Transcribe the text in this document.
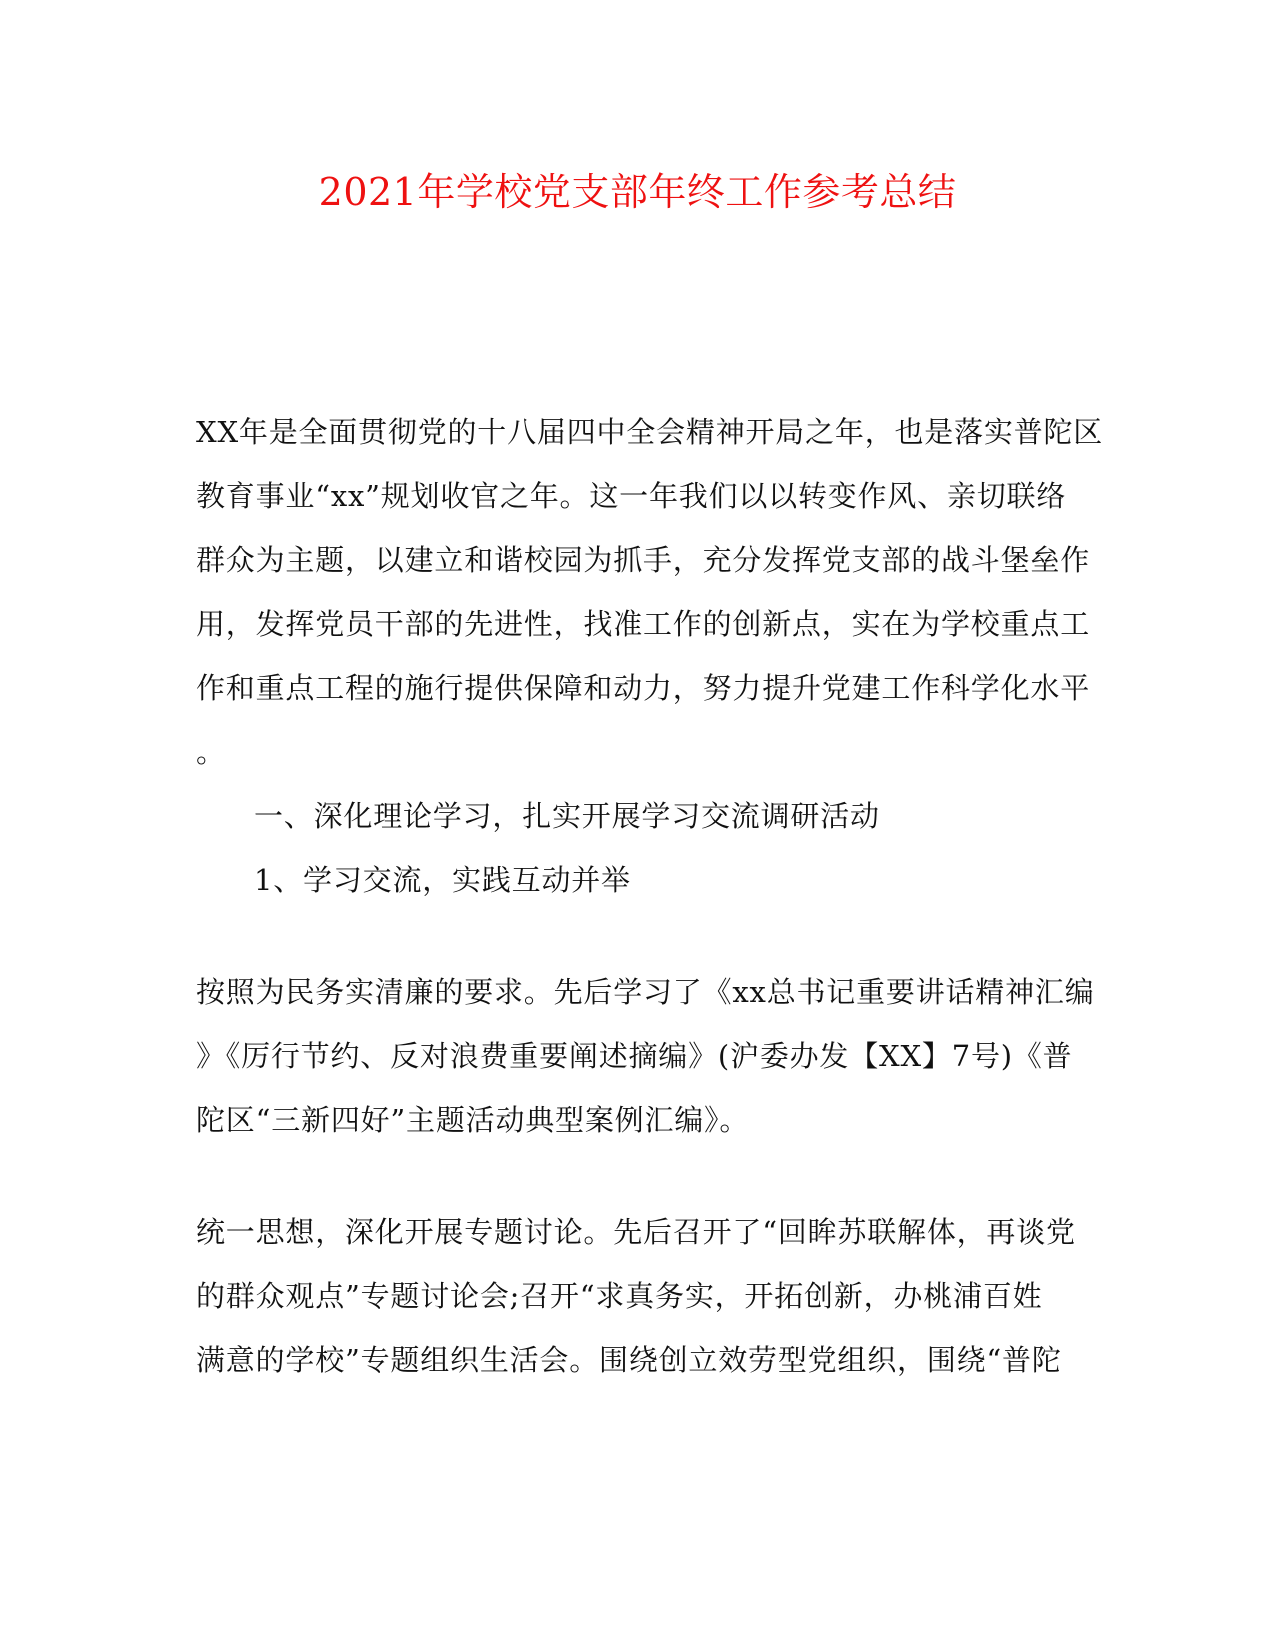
2021年学校党支部年终工作参考总结
XX年是全面贯彻党的十八届四中全会精神开局之年，也是落实普陀区
教育事业“xx”规划收官之年。这一年我们以以转变作风、亲切联络
群众为主题，以建立和谐校园为抓手，充分发挥党支部的战斗堡垒作
用，发挥党员干部的先进性，找准工作的创新点，实在为学校重点工
作和重点工程的施行提供保障和动力，努力提升党建工作科学化水平
。
一、深化理论学习，扎实开展学习交流调研活动
1、学习交流，实践互动并举
按照为民务实清廉的要求。先后学习了《xx总书记重要讲话精神汇编
》《厉行节约、反对浪费重要阐述摘编》(沪委办发【XX】7号)《普
陀区“三新四好”主题活动典型案例汇编》。
统一思想，深化开展专题讨论。先后召开了“回眸苏联解体，再谈党
的群众观点”专题讨论会;召开“求真务实，开拓创新，办桃浦百姓
满意的学校”专题组织生活会。围绕创立效劳型党组织，围绕“普陀
